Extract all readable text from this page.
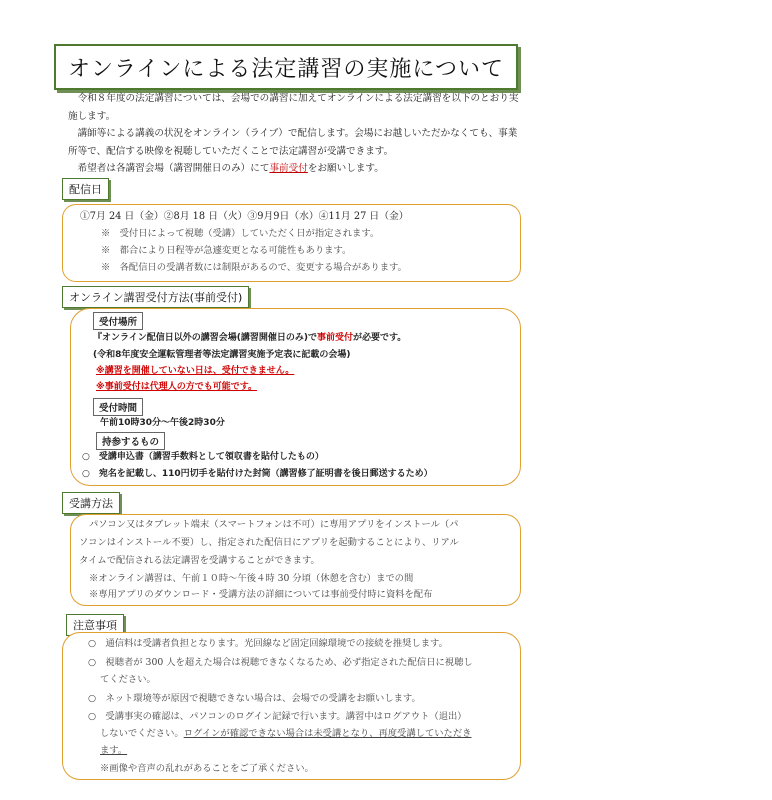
オンラインによる法定講習の実施について

令和８年度の法定講習については、会場での講習に加えてオンラインによる法定講習を以下のとおり実施します。

講師等による講義の状況をオンライン（ライブ）で配信します。会場にお越しいただかなくても、事業所等で、配信する映像を視聴していただくことで法定講習が受講できます。

希望者は各講習会場（講習開催日のみ）にて事前受付をお願いします。

配信日
①7月 24 日（金）②8月 18 日（火）③9月9日（水）④11月 27 日（金）
※　受付日によって視聴（受講）していただく日が指定されます。
※　都合により日程等が急遽変更となる可能性もあります。
※　各配信日の受講者数には制限があるので、変更する場合があります。
オンライン講習受付方法(事前受付)
受付場所
『オンライン配信日以外の講習会場(講習開催日のみ)で事前受付が必要です。
(令和8年度安全運転管理者等法定講習実施予定表に記載の会場)
※講習を開催していない日は、受付できません。
※事前受付は代理人の方でも可能です。
受付時間
午前10時30分～午後2時30分
持参するもの
○　受講申込書（講習手数料として領収書を貼付したもの）
○　宛名を記載し、110円切手を貼付けた封筒（講習修了証明書を後日郵送するため）
受講方法
パソコン又はタブレット端末（スマートフォンは不可）に専用アプリをインストール（パ
ソコンはインストール不要）し、指定された配信日にアプリを起動することにより、リアル
タイムで配信される法定講習を受講することができます。
※オンライン講習は、午前１０時～午後４時 30 分頃（休憩を含む）までの間
※専用アプリのダウンロード・受講方法の詳細については事前受付時に資料を配布
注意事項
○　通信料は受講者負担となります。光回線など固定回線環境での接続を推奨します。
○　視聴者が 300 人を超えた場合は視聴できなくなるため、必ず指定された配信日に視聴し
てください。
○　ネット環境等が原因で視聴できない場合は、会場での受講をお願いします。
○　受講事実の確認は、パソコンのログイン記録で行います。講習中はログアウト（退出）
しないでください。ログインが確認できない場合は未受講となり、再度受講していただき
ます。
※画像や音声の乱れがあることをご了承ください。
